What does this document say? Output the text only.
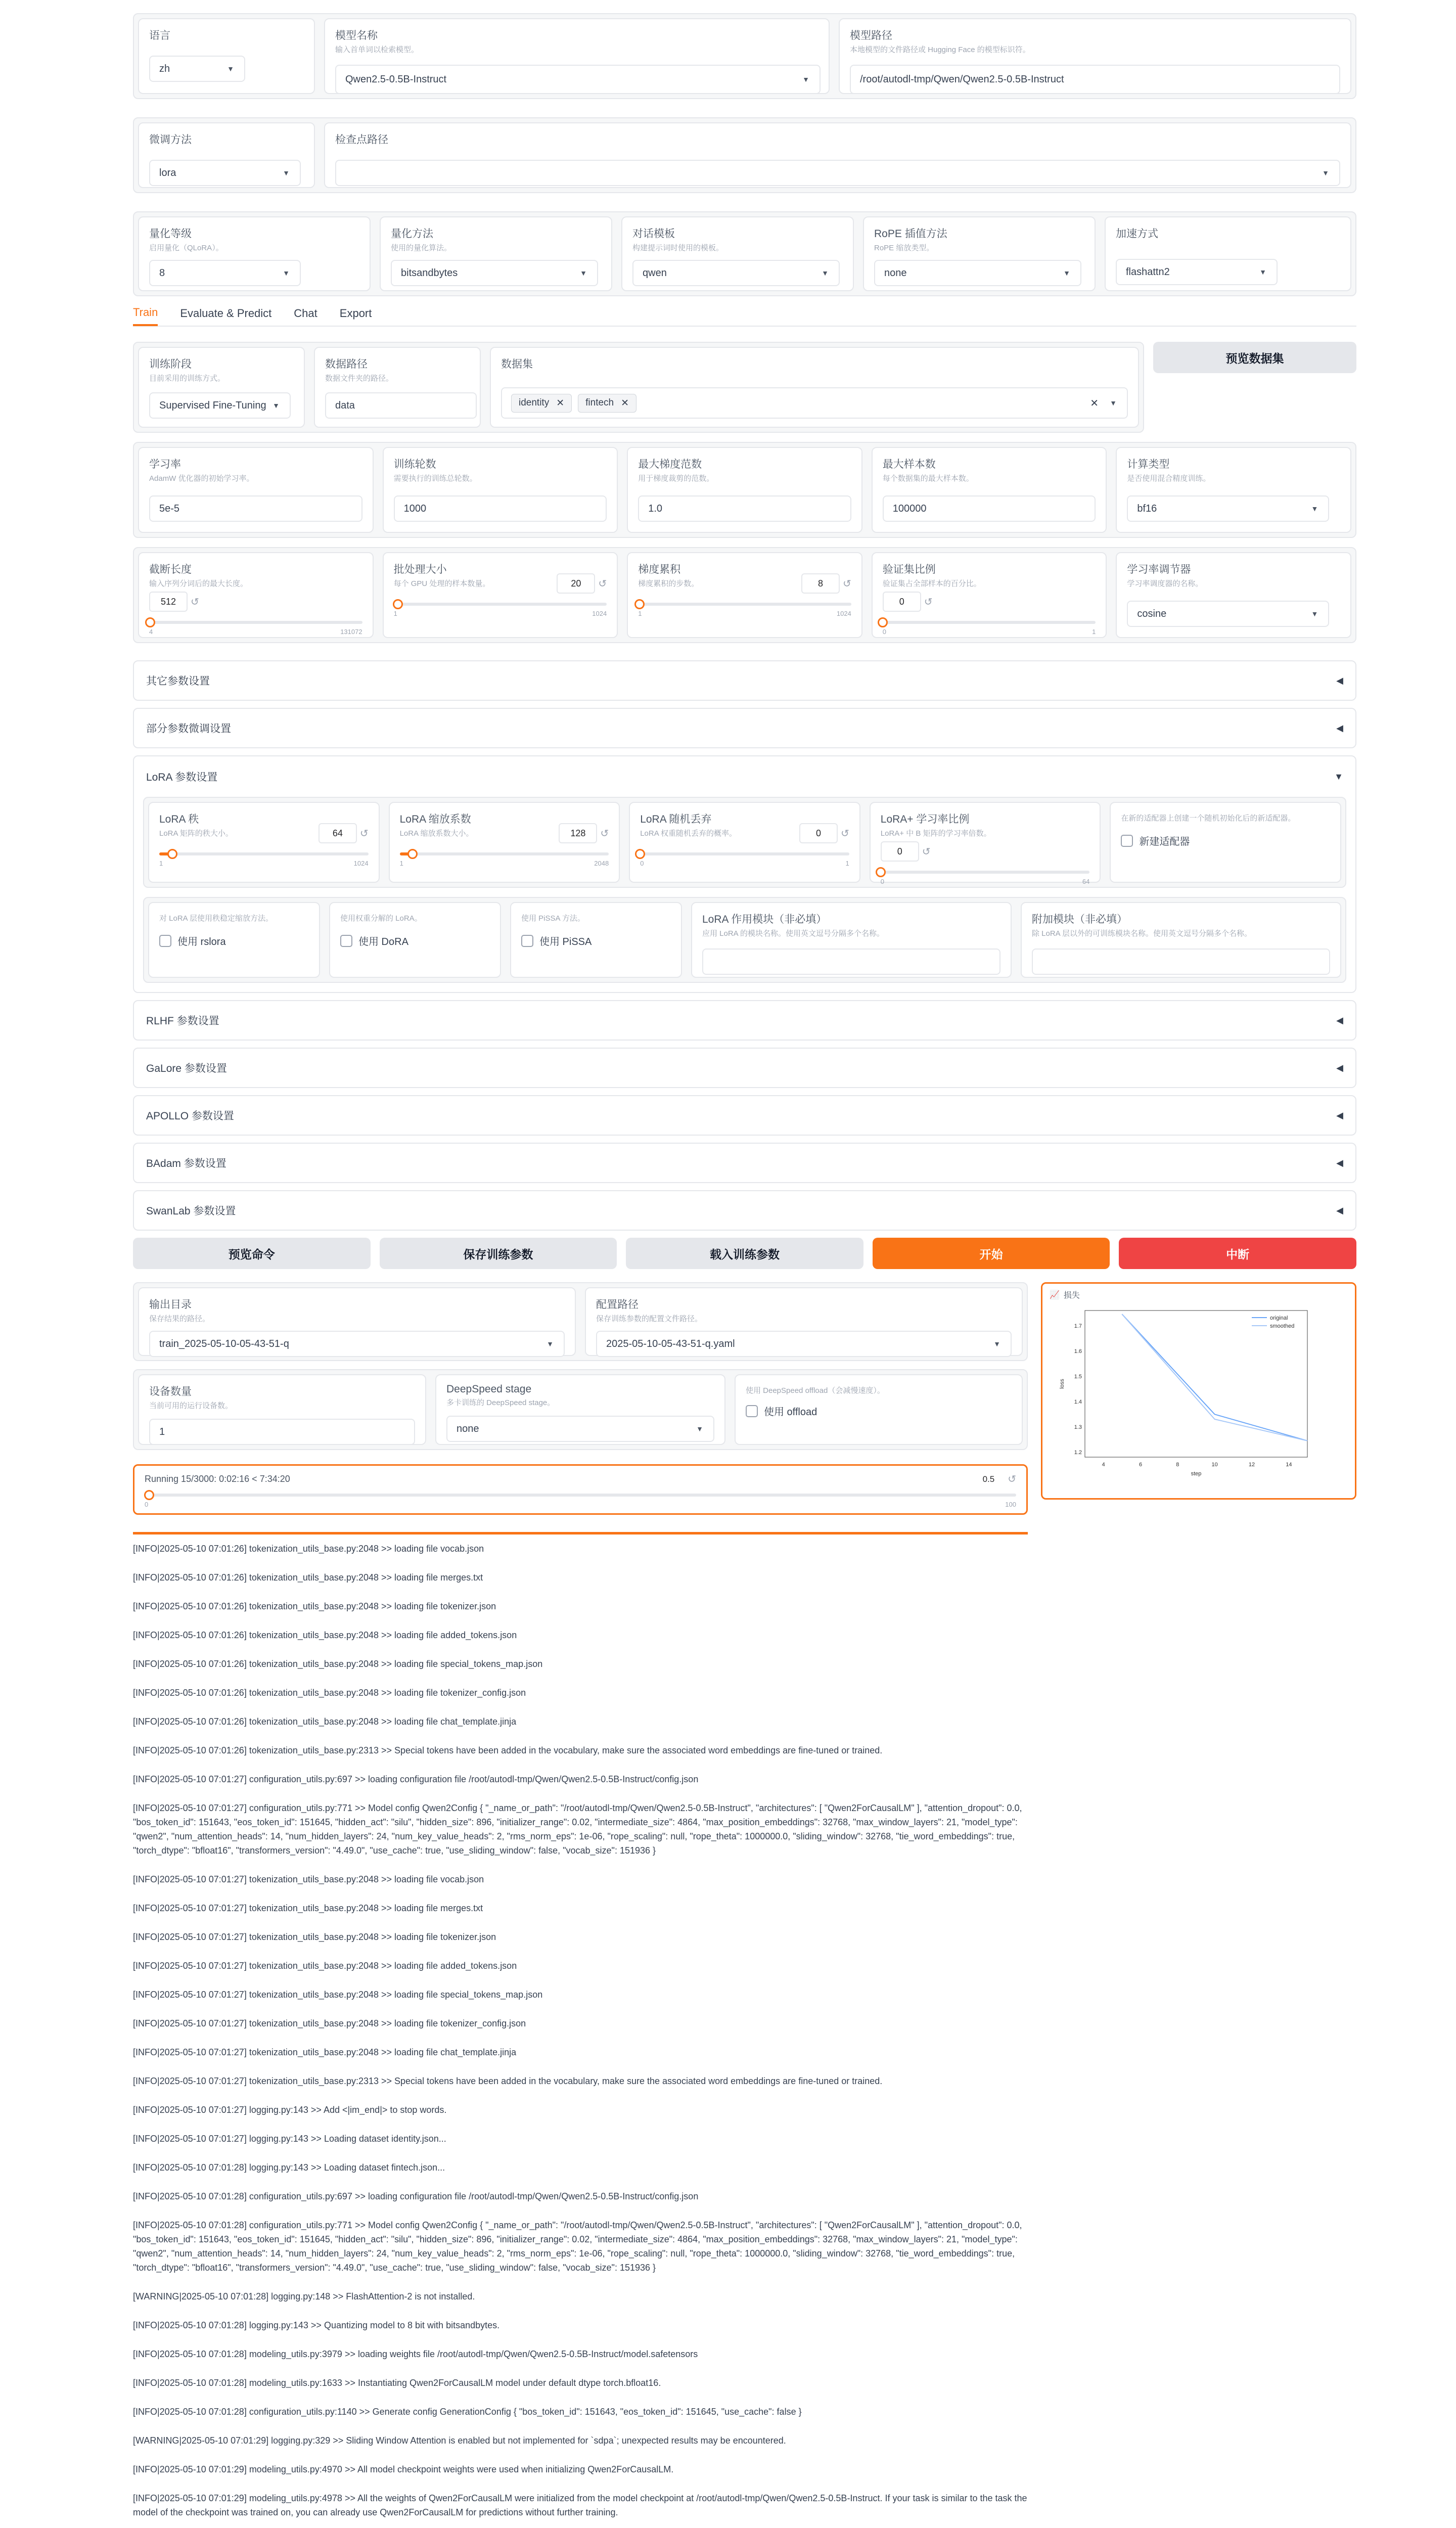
语言
zh	▼
模型名称
输入首单词以检索模型。
Qwen2.5-0.5B-Instruct	▼
模型路径
本地模型的文件路径或 Hugging Face 的模型标识符。
/root/autodl-tmp/Qwen/Qwen2.5-0.5B-Instruct
微调方法
lora	▼
检查点路径
▼
量化等级
启用量化（QLoRA）。
8	▼
量化方法
使用的量化算法。
bitsandbytes	▼
对话模板
构建提示词时使用的模板。
qwen	▼
RoPE 插值方法
RoPE 缩放类型。
none	▼
加速方式
flashattn2	▼
Train Evaluate & Predict Chat Export
训练阶段
目前采用的训练方式。
Supervised Fine-Tuning ▼
数据路径
数据文件夹的路径。
data
数据集
identity ✕ fintech ✕	✕ ▼
预览数据集
学习率
AdamW 优化器的初始学习率。
5e-5
训练轮数
需要执行的训练总轮数。
1000
最大梯度范数
用于梯度裁剪的范数。
1.0
最大样本数
每个数据集的最大样本数。
100000
计算类型
是否使用混合精度训练。
bf16	▼
截断长度
输入序列分词后的最大长度。
512	↺
4	131072
批处理大小
每个 GPU 处理的样本数量。	20	↺
1	1024
梯度累积
梯度累积的步数。	8	↺
1	1024
验证集比例
验证集占全部样本的百分比。
0	↺
0	1
学习率调节器
学习率调度器的名称。
cosine	▼
其它参数设置	◀
部分参数微调设置	◀
LoRA 参数设置	▼
LoRA 秩
LoRA 矩阵的秩大小。	64	↺
1	1024
LoRA 缩放系数
LoRA 缩放系数大小。	128	↺
1	2048
LoRA 随机丢弃
LoRA 权重随机丢弃的概率。	0	↺
0	1
LoRA+ 学习率比例
LoRA+ 中 B 矩阵的学习率倍数。
0	↺
0	64
在新的适配器上创建一个随机初始化后的新适配器。
新建适配器
对 LoRA 层使用秩稳定缩放方法。
使用 rslora
使用权重分解的 LoRA。
使用 DoRA
使用 PiSSA 方法。
使用 PiSSA
LoRA 作用模块（非必填）
应用 LoRA 的模块名称。使用英文逗号分隔多个名称。
附加模块（非必填）
除 LoRA 层以外的可训练模块名称。使用英文逗号分隔多个名称。
RLHF 参数设置	◀
GaLore 参数设置	◀
APOLLO 参数设置	◀
BAdam 参数设置	◀
SwanLab 参数设置	◀
预览命令	保存训练参数	载入训练参数	开始	中断
输出目录
保存结果的路径。
train_2025-05-10-05-43-51-q	▼
配置路径
保存训练参数的配置文件路径。
2025-05-10-05-43-51-q.yaml	▼
设备数量
当前可用的运行设备数。
1
DeepSpeed stage
多卡训练的 DeepSpeed stage。
none	▼
使用 DeepSpeed offload（会减慢速度）。
使用 offload
Running 15/3000: 0:02:16 < 7:34:20	0.5 ↺
0	100
📈 损失
4	6	8	10	12	14
1.2
1.3
1.4
1.5
1.6
1.7
step
loss
original
smoothed
[INFO|2025-05-10 07:01:26] tokenization_utils_base.py:2048 >> loading file vocab.json
[INFO|2025-05-10 07:01:26] tokenization_utils_base.py:2048 >> loading file merges.txt
[INFO|2025-05-10 07:01:26] tokenization_utils_base.py:2048 >> loading file tokenizer.json
[INFO|2025-05-10 07:01:26] tokenization_utils_base.py:2048 >> loading file added_tokens.json
[INFO|2025-05-10 07:01:26] tokenization_utils_base.py:2048 >> loading file special_tokens_map.json
[INFO|2025-05-10 07:01:26] tokenization_utils_base.py:2048 >> loading file tokenizer_config.json
[INFO|2025-05-10 07:01:26] tokenization_utils_base.py:2048 >> loading file chat_template.jinja
[INFO|2025-05-10 07:01:26] tokenization_utils_base.py:2313 >> Special tokens have been added in the vocabulary, make sure the associated word embeddings are fine-tuned or trained.
[INFO|2025-05-10 07:01:27] configuration_utils.py:697 >> loading configuration file /root/autodl-tmp/Qwen/Qwen2.5-0.5B-Instruct/config.json
[INFO|2025-05-10 07:01:27] configuration_utils.py:771 >> Model config Qwen2Config { "_name_or_path": "/root/autodl-tmp/Qwen/Qwen2.5-0.5B-Instruct", "architectures": [ "Qwen2ForCausalLM" ], "attention_dropout": 0.0, "bos_token_id": 151643, "eos_token_id": 151645, "hidden_act": "silu", "hidden_size": 896, "initializer_range": 0.02, "intermediate_size": 4864, "max_position_embeddings": 32768, "max_window_layers": 21, "model_type": "qwen2", "num_attention_heads": 14, "num_hidden_layers": 24, "num_key_value_heads": 2, "rms_norm_eps": 1e-06, "rope_scaling": null, "rope_theta": 1000000.0, "sliding_window": 32768, "tie_word_embeddings": true, "torch_dtype": "bfloat16", "transformers_version": "4.49.0", "use_cache": true, "use_sliding_window": false, "vocab_size": 151936 }
[INFO|2025-05-10 07:01:27] tokenization_utils_base.py:2048 >> loading file vocab.json
[INFO|2025-05-10 07:01:27] tokenization_utils_base.py:2048 >> loading file merges.txt
[INFO|2025-05-10 07:01:27] tokenization_utils_base.py:2048 >> loading file tokenizer.json
[INFO|2025-05-10 07:01:27] tokenization_utils_base.py:2048 >> loading file added_tokens.json
[INFO|2025-05-10 07:01:27] tokenization_utils_base.py:2048 >> loading file special_tokens_map.json
[INFO|2025-05-10 07:01:27] tokenization_utils_base.py:2048 >> loading file tokenizer_config.json
[INFO|2025-05-10 07:01:27] tokenization_utils_base.py:2048 >> loading file chat_template.jinja
[INFO|2025-05-10 07:01:27] tokenization_utils_base.py:2313 >> Special tokens have been added in the vocabulary, make sure the associated word embeddings are fine-tuned or trained.
[INFO|2025-05-10 07:01:27] logging.py:143 >> Add <|im_end|> to stop words.
[INFO|2025-05-10 07:01:27] logging.py:143 >> Loading dataset identity.json...
[INFO|2025-05-10 07:01:28] logging.py:143 >> Loading dataset fintech.json...
[INFO|2025-05-10 07:01:28] configuration_utils.py:697 >> loading configuration file /root/autodl-tmp/Qwen/Qwen2.5-0.5B-Instruct/config.json
[INFO|2025-05-10 07:01:28] configuration_utils.py:771 >> Model config Qwen2Config { "_name_or_path": "/root/autodl-tmp/Qwen/Qwen2.5-0.5B-Instruct", "architectures": [ "Qwen2ForCausalLM" ], "attention_dropout": 0.0, "bos_token_id": 151643, "eos_token_id": 151645, "hidden_act": "silu", "hidden_size": 896, "initializer_range": 0.02, "intermediate_size": 4864, "max_position_embeddings": 32768, "max_window_layers": 21, "model_type": "qwen2", "num_attention_heads": 14, "num_hidden_layers": 24, "num_key_value_heads": 2, "rms_norm_eps": 1e-06, "rope_scaling": null, "rope_theta": 1000000.0, "sliding_window": 32768, "tie_word_embeddings": true, "torch_dtype": "bfloat16", "transformers_version": "4.49.0", "use_cache": true, "use_sliding_window": false, "vocab_size": 151936 }
[WARNING|2025-05-10 07:01:28] logging.py:148 >> FlashAttention-2 is not installed.
[INFO|2025-05-10 07:01:28] logging.py:143 >> Quantizing model to 8 bit with bitsandbytes.
[INFO|2025-05-10 07:01:28] modeling_utils.py:3979 >> loading weights file /root/autodl-tmp/Qwen/Qwen2.5-0.5B-Instruct/model.safetensors
[INFO|2025-05-10 07:01:28] modeling_utils.py:1633 >> Instantiating Qwen2ForCausalLM model under default dtype torch.bfloat16.
[INFO|2025-05-10 07:01:28] configuration_utils.py:1140 >> Generate config GenerationConfig { "bos_token_id": 151643, "eos_token_id": 151645, "use_cache": false }
[WARNING|2025-05-10 07:01:29] logging.py:329 >> Sliding Window Attention is enabled but not implemented for `sdpa`; unexpected results may be encountered.
[INFO|2025-05-10 07:01:29] modeling_utils.py:4970 >> All model checkpoint weights were used when initializing Qwen2ForCausalLM.
[INFO|2025-05-10 07:01:29] modeling_utils.py:4978 >> All the weights of Qwen2ForCausalLM were initialized from the model checkpoint at /root/autodl-tmp/Qwen/Qwen2.5-0.5B-Instruct. If your task is similar to the task the model of the checkpoint was trained on, you can already use Qwen2ForCausalLM for predictions without further training.
